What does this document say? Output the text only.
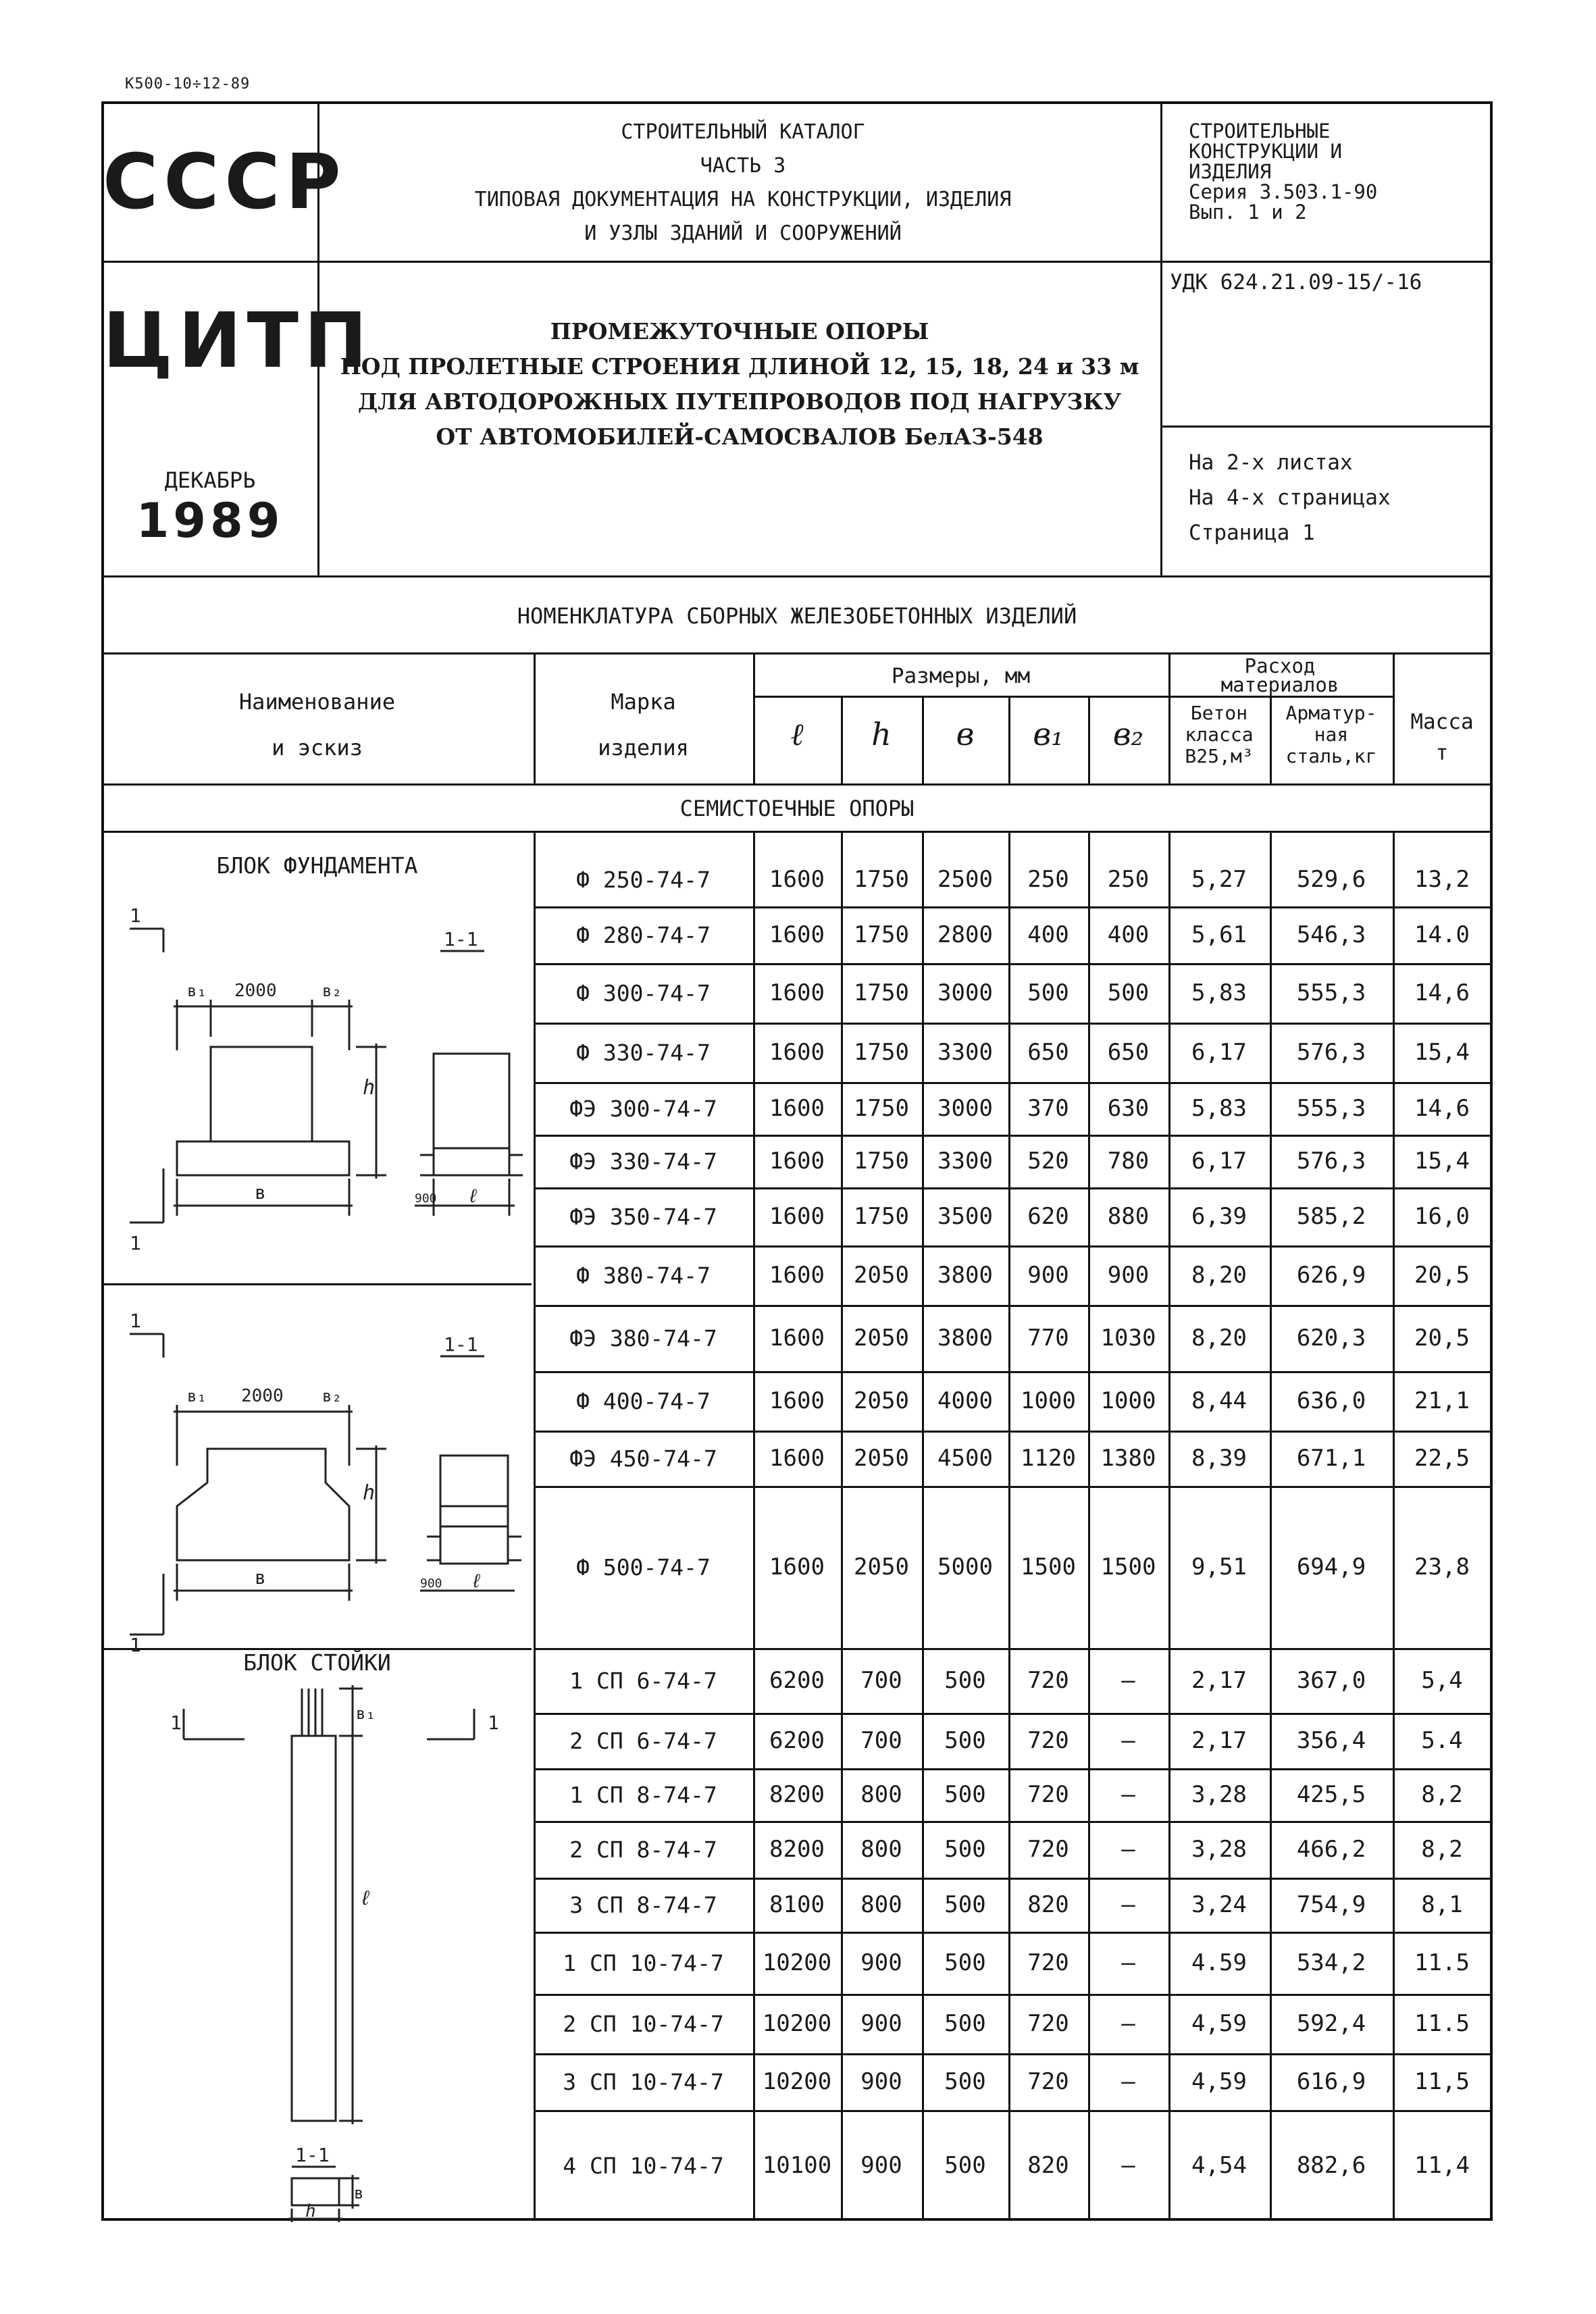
К500-10÷12-89
СССР
ЦИТП
ДЕКАБРЬ
1989
СТРОИТЕЛЬНЫЙ КАТАЛОГ
ЧАСТЬ 3
ТИПОВАЯ ДОКУМЕНТАЦИЯ НА КОНСТРУКЦИИ, ИЗДЕЛИЯ
И УЗЛЫ ЗДАНИЙ И СООРУЖЕНИЙ
СТРОИТЕЛЬНЫЕ
КОНСТРУКЦИИ И
ИЗДЕЛИЯ
Серия 3.503.1-90
Вып. 1 и 2
УДК 624.21.09-15/-16
ПРОМЕЖУТОЧНЫЕ ОПОРЫ
ПОД ПРОЛЕТНЫЕ СТРОЕНИЯ ДЛИНОЙ 12, 15, 18, 24 и 33 м
ДЛЯ АВТОДОРОЖНЫХ ПУТЕПРОВОДОВ ПОД НАГРУЗКУ
ОТ АВТОМОБИЛЕЙ-САМОСВАЛОВ БелАЗ-548
На 2-х листах
На 4-х страницах
Страница 1
НОМЕНКЛАТУРА СБОРНЫХ ЖЕЛЕЗОБЕТОННЫХ ИЗДЕЛИЙ
Наименование
и эскиз
Марка
изделия
Размеры, мм
ℓ	h	в	в₁	в₂
Расход
материалов
Бетон
класса
В25,м³
Арматур-
ная
сталь,кг
Масса
т
СЕМИСТОЕЧНЫЕ ОПОРЫ
БЛОК ФУНДАМЕНТА
БЛОК СТОЙКИ
1
1
1-1
в₁ 2000	в₂
h
в	900 ℓ
1
1
1-1
в₁ 2000 в₂
h
в	900 ℓ
1	1
в₁
ℓ
1-1
в
h
Ф 250-74-7	1600	1750	2500	250	250	5,27	529,6	13,2
Ф 280-74-7	1600	1750	2800	400	400	5,61	546,3	14.0
Ф 300-74-7	1600	1750	3000	500	500	5,83	555,3	14,6
Ф 330-74-7	1600	1750	3300	650	650	6,17	576,3	15,4
ФЭ 300-74-7	1600	1750	3000	370	630	5,83	555,3	14,6
ФЭ 330-74-7	1600	1750	3300	520	780	6,17	576,3	15,4
ФЭ 350-74-7	1600	1750	3500	620	880	6,39	585,2	16,0
Ф 380-74-7	1600	2050	3800	900	900	8,20	626,9	20,5
ФЭ 380-74-7	1600	2050	3800	770	1030	8,20	620,3	20,5
Ф 400-74-7	1600	2050	4000	1000	1000	8,44	636,0	21,1
ФЭ 450-74-7	1600	2050	4500	1120	1380	8,39	671,1	22,5
Ф 500-74-7	1600	2050	5000	1500	1500	9,51	694,9	23,8
1 СП 6-74-7	6200	700	500	720	–	2,17	367,0	5,4
2 СП 6-74-7	6200	700	500	720	–	2,17	356,4	5.4
1 СП 8-74-7	8200	800	500	720	–	3,28	425,5	8,2
2 СП 8-74-7	8200	800	500	720	–	3,28	466,2	8,2
3 СП 8-74-7	8100	800	500	820	–	3,24	754,9	8,1
1 СП 10-74-7	10200	900	500	720	–	4.59	534,2	11.5
2 СП 10-74-7	10200	900	500	720	–	4,59	592,4	11.5
3 СП 10-74-7	10200	900	500	720	–	4,59	616,9	11,5
4 СП 10-74-7	10100	900	500	820	–	4,54	882,6	11,4
